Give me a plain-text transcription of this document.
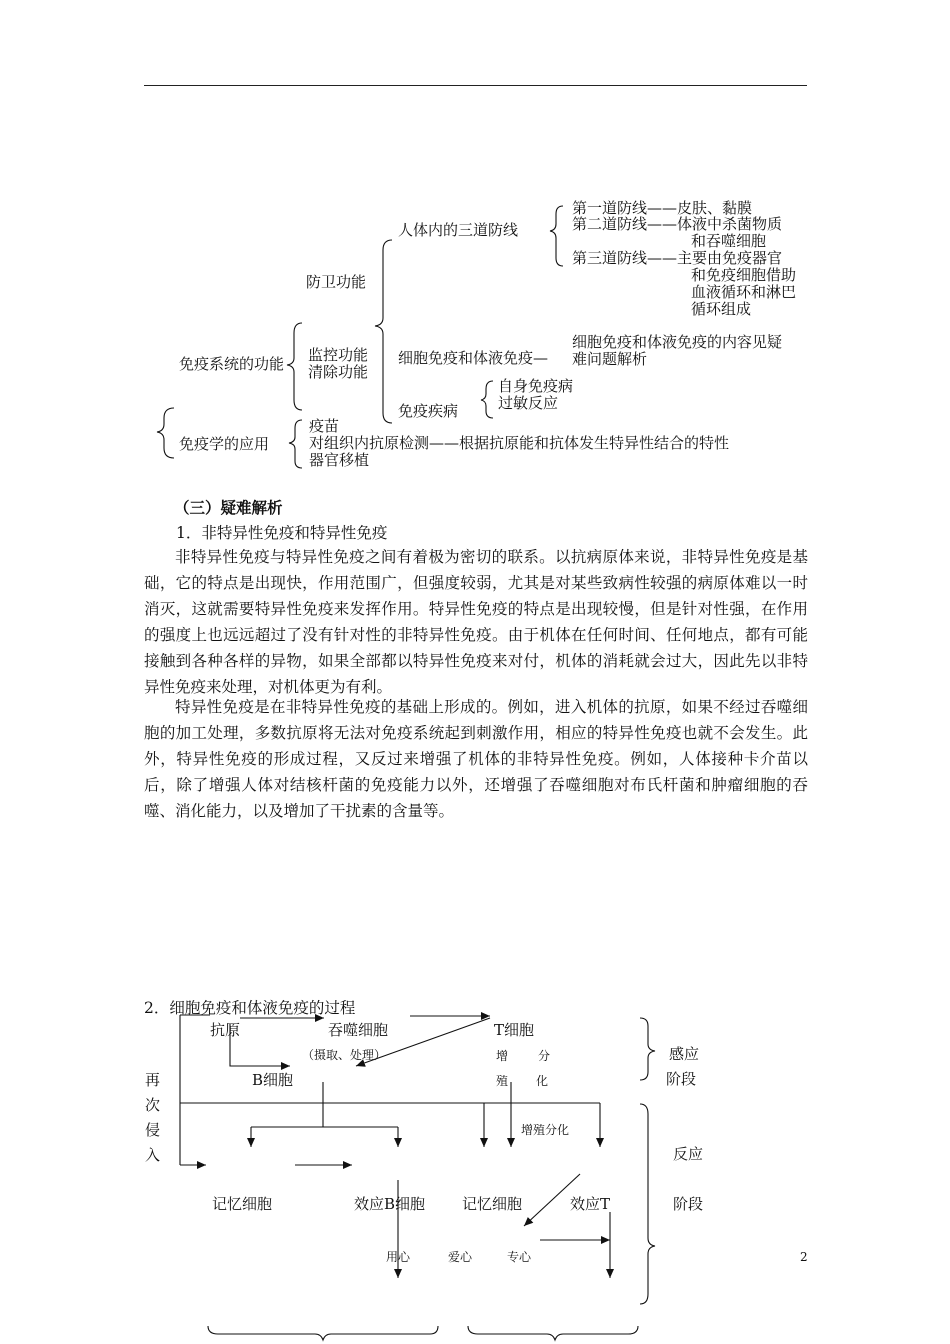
第一道防线——皮肤、黏膜
第二道防线——体液中杀菌物质
和吞噬细胞
第三道防线——主要由免疫器官
和免疫细胞借助
血液循环和淋巴
循环组成
人体内的三道防线
防卫功能
细胞免疫和体液免疫的内容见疑
难问题解析
细胞免疫和体液免疫—
监控功能
清除功能
免疫系统的功能
自身免疫病
过敏反应
免疫疾病
疫苗
对组织内抗原检测——根据抗原能和抗体发生特异性结合的特性
器官移植
免疫学的应用
（三）疑难解析
1．非特异性免疫和特异性免疫
非特异性免疫与特异性免疫之间有着极为密切的联系。以抗病原体来说，非特异性免疫是基础，它的特点是出现快，作用范围广，但强度较弱，尤其是对某些致病性较强的病原体难以一时消灭，这就需要特异性免疫来发挥作用。特异性免疫的特点是出现较慢，但是针对性强，在作用的强度上也远远超过了没有针对性的非特异性免疫。由于机体在任何时间、任何地点，都有可能接触到各种各样的异物，如果全部都以特异性免疫来对付，机体的消耗就会过大，因此先以非特异性免疫来处理，对机体更为有利。
特异性免疫是在非特异性免疫的基础上形成的。例如，进入机体的抗原，如果不经过吞噬细胞的加工处理，多数抗原将无法对免疫系统起到刺激作用，相应的特异性免疫也就不会发生。此外，特异性免疫的形成过程，又反过来增强了机体的非特异性免疫。例如，人体接种卡介苗以后，除了增强人体对结核杆菌的免疫能力以外，还增强了吞噬细胞对布氏杆菌和肿瘤细胞的吞噬、消化能力，以及增加了干扰素的含量等。
2．细胞免疫和体液免疫的过程
抗原	吞噬细胞	T细胞
（摄取、处理）
B细胞
增
殖
分
化
再
次
侵
入
增殖分化
记忆细胞	效应B细胞 记忆细胞	效应T
用心	爱心	专心
感应
阶段
反应
阶段
2
